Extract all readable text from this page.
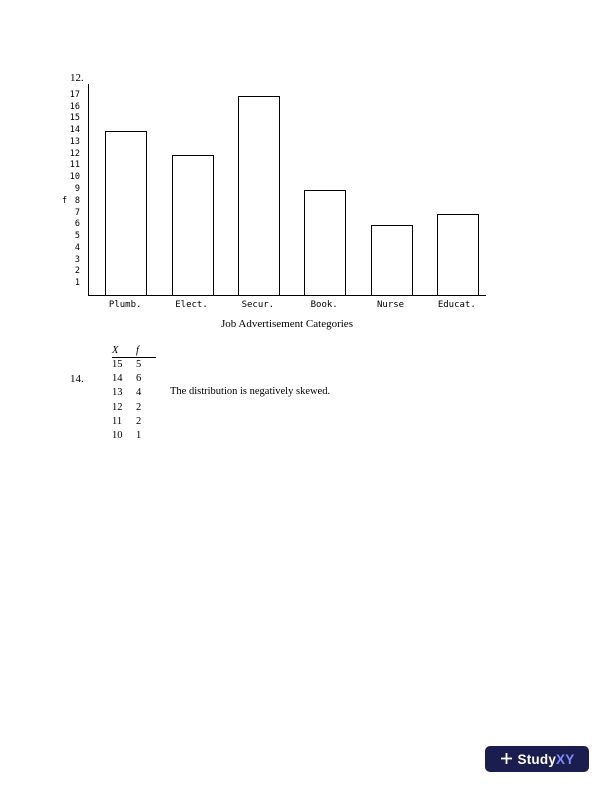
12.
1
2
3
4
5
6
7
8
9
10
11
12
13
14
15
16
17
f
Plumb.	Elect.	Secur.	Book.	Nurse	Educat.
Job Advertisement Categories
14.
X	f
15	5
14	6
13	4
12	2
11	2
10	1
The distribution is negatively skewed.
StudyXY
